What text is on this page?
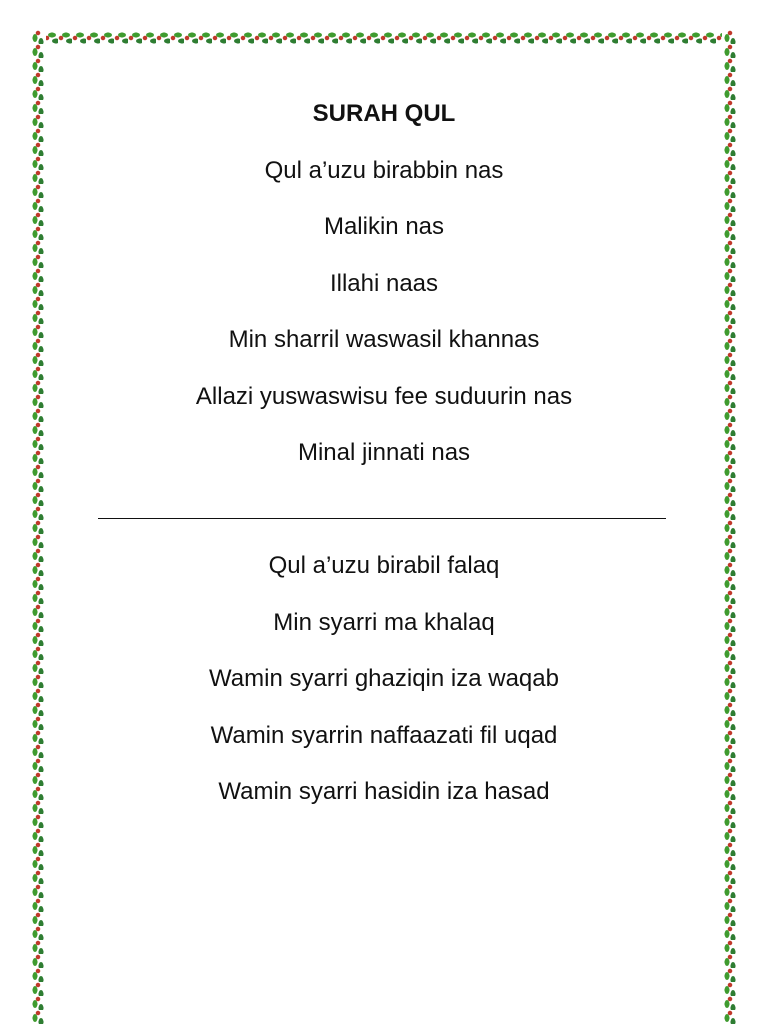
SURAH QUL
Qul a’uzu birabbin nas
Malikin nas
Illahi naas
Min sharril waswasil khannas
Allazi yuswaswisu fee suduurin nas
Minal jinnati nas
Qul a’uzu birabil falaq
Min syarri ma khalaq
Wamin syarri ghaziqin iza waqab
Wamin syarrin naffaazati fil uqad
Wamin syarri hasidin iza hasad
